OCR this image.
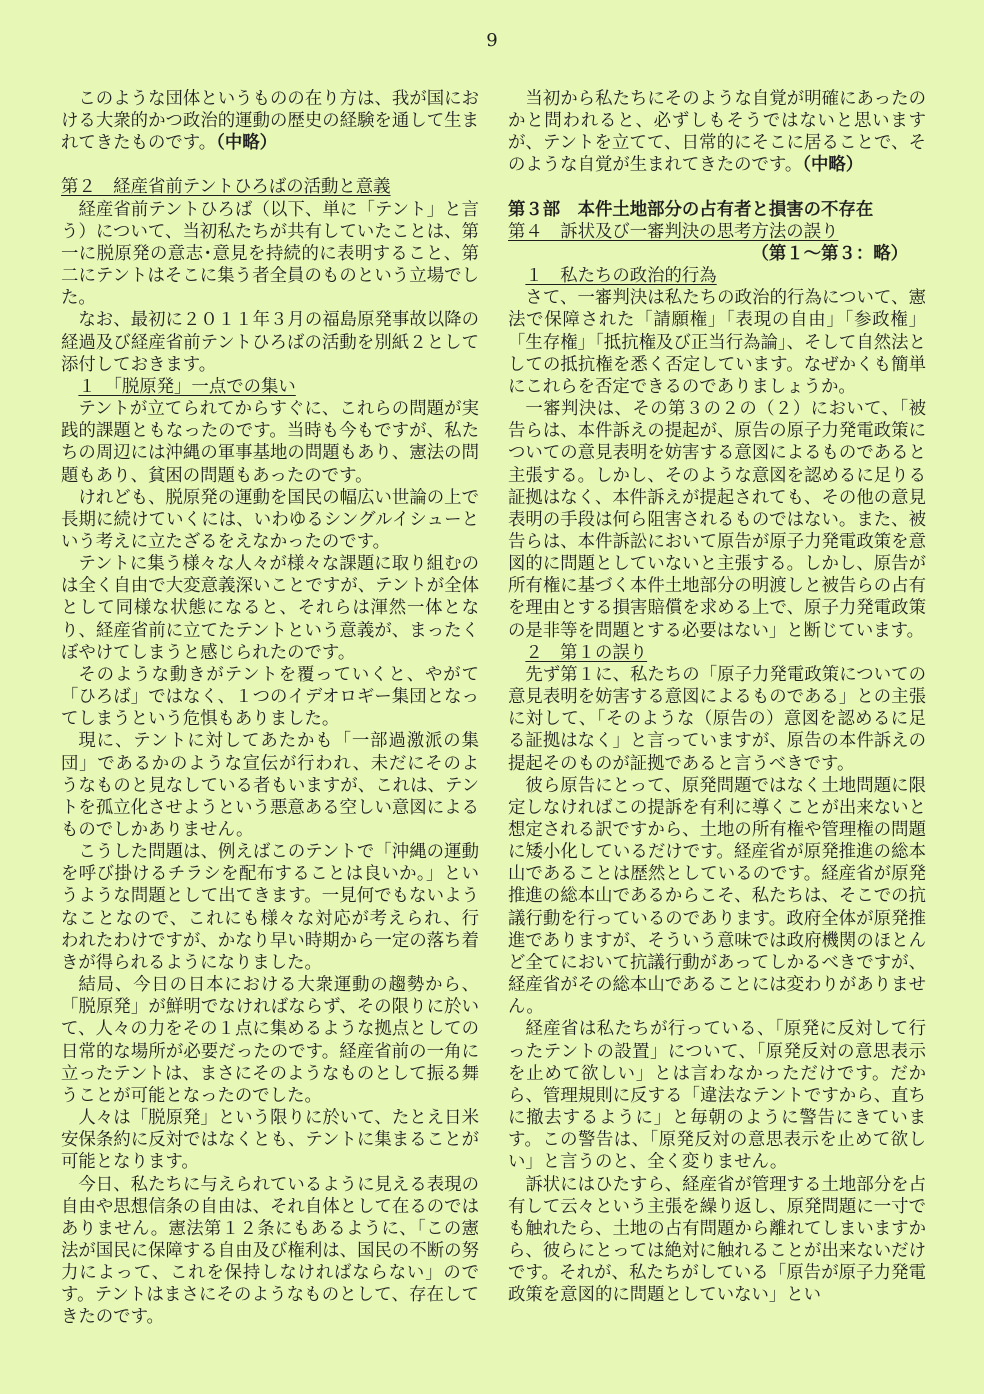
9

このような団体というものの在り方は、我が国における大衆的かつ政治的運動の歴史の経験を通して生まれてきたものです。（中略）

第２　経産省前テントひろばの活動と意義

経産省前テントひろば（以下、単に「テント」と言う）について、当初私たちが共有していたことは、第一に脱原発の意志･意見を持続的に表明すること、第二にテントはそこに集う者全員のものという立場でした。

なお、最初に２０１１年３月の福島原発事故以降の経過及び経産省前テントひろばの活動を別紙２として添付しておきます。

１　「脱原発」一点での集い

テントが立てられてからすぐに、これらの問題が実践的課題ともなったのです。当時も今もですが、私たちの周辺には沖縄の軍事基地の問題もあり、憲法の問題もあり、貧困の問題もあったのです。

けれども、脱原発の運動を国民の幅広い世論の上で長期に続けていくには、いわゆるシングルイシューという考えに立たざるをえなかったのです。

テントに集う様々な人々が様々な課題に取り組むのは全く自由で大変意義深いことですが、テントが全体として同様な状態になると、それらは渾然一体となり、経産省前に立てたテントという意義が、まったくぼやけてしまうと感じられたのです。

そのような動きがテントを覆っていくと、やがて「ひろば」ではなく、１つのイデオロギー集団となってしまうという危惧もありました。

現に、テントに対してあたかも「一部過激派の集団」であるかのような宣伝が行われ、未だにそのようなものと見なしている者もいますが、これは、テントを孤立化させようという悪意ある空しい意図によるものでしかありません。

こうした問題は、例えばこのテントで「沖縄の運動を呼び掛けるチラシを配布することは良いか。」というような問題として出てきます。一見何でもないようなことなので、これにも様々な対応が考えられ、行われたわけですが、かなり早い時期から一定の落ち着きが得られるようになりました。

結局、今日の日本における大衆運動の趨勢から、「脱原発」が鮮明でなければならず、その限りに於いて、人々の力をその１点に集めるような拠点としての日常的な場所が必要だったのです。経産省前の一角に立ったテントは、まさにそのようなものとして振る舞うことが可能となったのでした。

人々は「脱原発」という限りに於いて、たとえ日米安保条約に反対ではなくとも、テントに集まることが可能となります。

今日、私たちに与えられているように見える表現の自由や思想信条の自由は、それ自体として在るのではありません。憲法第１２条にもあるように、「この憲法が国民に保障する自由及び権利は、国民の不断の努力によって、これを保持しなければならない」のです。テントはまさにそのようなものとして、存在してきたのです。

当初から私たちにそのような自覚が明確にあったのかと問われると、必ずしもそうではないと思いますが、テントを立てて、日常的にそこに居ることで、そのような自覚が生まれてきたのです。（中略）

第３部　本件土地部分の占有者と損害の不存在

第４　訴状及び一審判決の思考方法の誤り

（第１～第３：略）

１　私たちの政治的行為

さて、一審判決は私たちの政治的行為について、憲法で保障された「請願権」「表現の自由」「参政権」「生存権」「抵抗権及び正当行為論」、そして自然法としての抵抗権を悉く否定しています。なぜかくも簡単にこれらを否定できるのでありましょうか。

一審判決は、その第３の２の（２）において、「被告らは、本件訴えの提起が、原告の原子力発電政策についての意見表明を妨害する意図によるものであると主張する。しかし、そのような意図を認めるに足りる証拠はなく、本件訴えが提起されても、その他の意見表明の手段は何ら阻害されるものではない。また、被告らは、本件訴訟において原告が原子力発電政策を意図的に問題としていないと主張する。しかし、原告が所有権に基づく本件土地部分の明渡しと被告らの占有を理由とする損害賠償を求める上で、原子力発電政策の是非等を問題とする必要はない」と断じています。

２　第１の誤り

先ず第１に、私たちの「原子力発電政策についての意見表明を妨害する意図によるものである」との主張に対して、「そのような（原告の）意図を認めるに足る証拠はなく」と言っていますが、原告の本件訴えの提起そのものが証拠であると言うべきです。

彼ら原告にとって、原発問題ではなく土地問題に限定しなければこの提訴を有利に導くことが出来ないと想定される訳ですから、土地の所有権や管理権の問題に矮小化しているだけです。経産省が原発推進の総本山であることは歴然としているのです。経産省が原発推進の総本山であるからこそ、私たちは、そこでの抗議行動を行っているのであります。政府全体が原発推進でありますが、そういう意味では政府機関のほとんど全てにおいて抗議行動があってしかるべきですが、経産省がその総本山であることには変わりがありません。

経産省は私たちが行っている、「原発に反対して行ったテントの設置」について、「原発反対の意思表示を止めて欲しい」とは言わなかっただけです。だから、管理規則に反する「違法なテントですから、直ちに撤去するように」と毎朝のように警告にきています。この警告は、「原発反対の意思表示を止めて欲しい」と言うのと、全く変りません。

訴状にはひたすら、経産省が管理する土地部分を占有して云々という主張を繰り返し、原発問題に一寸でも触れたら、土地の占有問題から離れてしまいますから、彼らにとっては絶対に触れることが出来ないだけです。それが、私たちがしている「原告が原子力発電政策を意図的に問題としていない」とい
